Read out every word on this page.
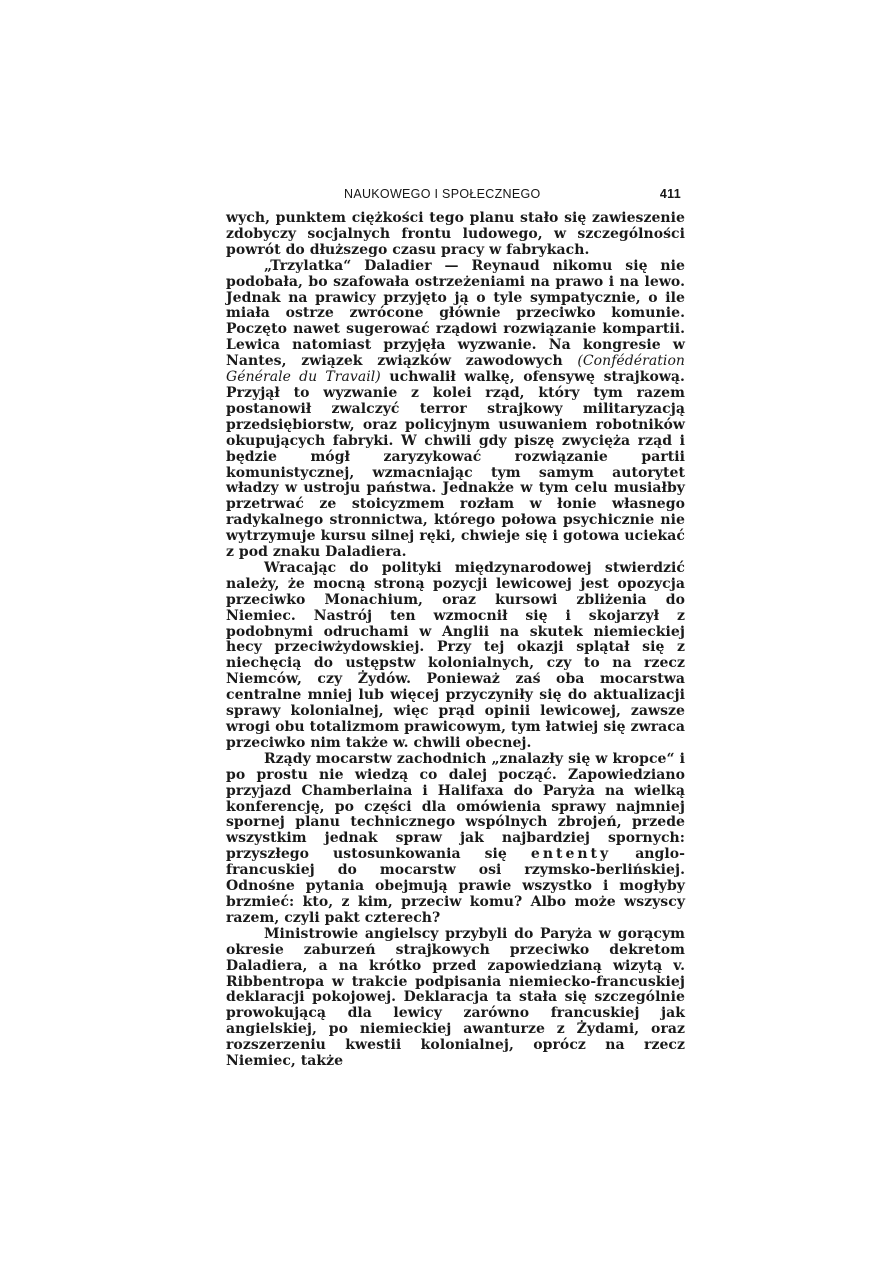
NAUKOWEGO I SPOŁECZNEGO	411

wych, punktem ciężkości tego planu stało się zawieszenie zdobyczy socjalnych frontu ludowego, w szczególności powrót do dłuższego czasu pracy w fabrykach.

„Trzylatka“ Daladier — Reynaud nikomu się nie podobała, bo szafowała ostrzeżeniami na prawo i na lewo. Jednak na prawicy przyjęto ją o tyle sympatycznie, o ile miała ostrze zwrócone głównie przeciwko komunie. Poczęto nawet sugerować rządowi rozwiązanie kompartii. Lewica natomiast przyjęła wyzwanie. Na kongresie w Nantes, związek związków zawodowych (Confédération Générale du Travail) uchwalił walkę, ofensywę strajkową. Przyjął to wyzwanie z kolei rząd, który tym razem postanowił zwalczyć terror strajkowy militaryzacją przedsiębiorstw, oraz policyjnym usuwaniem robotników okupujących fabryki. W chwili gdy piszę zwycięża rząd i będzie mógł zaryzykować rozwiązanie partii komunistycznej, wzmacniając tym samym autorytet władzy w ustroju państwa. Jednakże w tym celu musiałby przetrwać ze stoicyzmem rozłam w łonie własnego radykalnego stronnictwa, którego połowa psychicznie nie wytrzymuje kursu silnej ręki, chwieje się i gotowa uciekać z pod znaku Daladiera.

Wracając do polityki międzynarodowej stwierdzić należy, że mocną stroną pozycji lewicowej jest opozycja przeciwko Monachium, oraz kursowi zbliżenia do Niemiec. Nastrój ten wzmocnił się i skojarzył z podobnymi odruchami w Anglii na skutek niemieckiej hecy przeciwżydowskiej. Przy tej okazji splątał się z niechęcią do ustępstw kolonialnych, czy to na rzecz Niemców, czy Żydów. Ponieważ zaś oba mocarstwa centralne mniej lub więcej przyczyniły się do aktualizacji sprawy kolonialnej, więc prąd opinii lewicowej, zawsze wrogi obu totalizmom prawicowym, tym łatwiej się zwraca przeciwko nim także w. chwili obecnej.

Rządy mocarstw zachodnich „znalazły się w kropce“ i po prostu nie wiedzą co dalej począć. Zapowiedziano przyjazd Chamberlaina i Halifaxa do Paryża na wielką konferencję, po części dla omówienia sprawy najmniej spornej planu technicznego wspólnych zbrojeń, przede wszystkim jednak spraw jak najbardziej spornych: przyszłego ustosunkowania się ententy anglo-francuskiej do mocarstw osi rzymsko-berlińskiej. Odnośne pytania obejmują prawie wszystko i mogłyby brzmieć: kto, z kim, przeciw komu? Albo może wszyscy razem, czyli pakt czterech?

Ministrowie angielscy przybyli do Paryża w gorącym okresie zaburzeń strajkowych przeciwko dekretom Daladiera, a na krótko przed zapowiedzianą wizytą v. Ribbentropa w trakcie podpisania niemiecko-francuskiej deklaracji pokojowej. Deklaracja ta stała się szczególnie prowokującą dla lewicy zarówno francuskiej jak angielskiej, po niemieckiej awanturze z Żydami, oraz rozszerzeniu kwestii kolonialnej, oprócz na rzecz Niemiec, także
